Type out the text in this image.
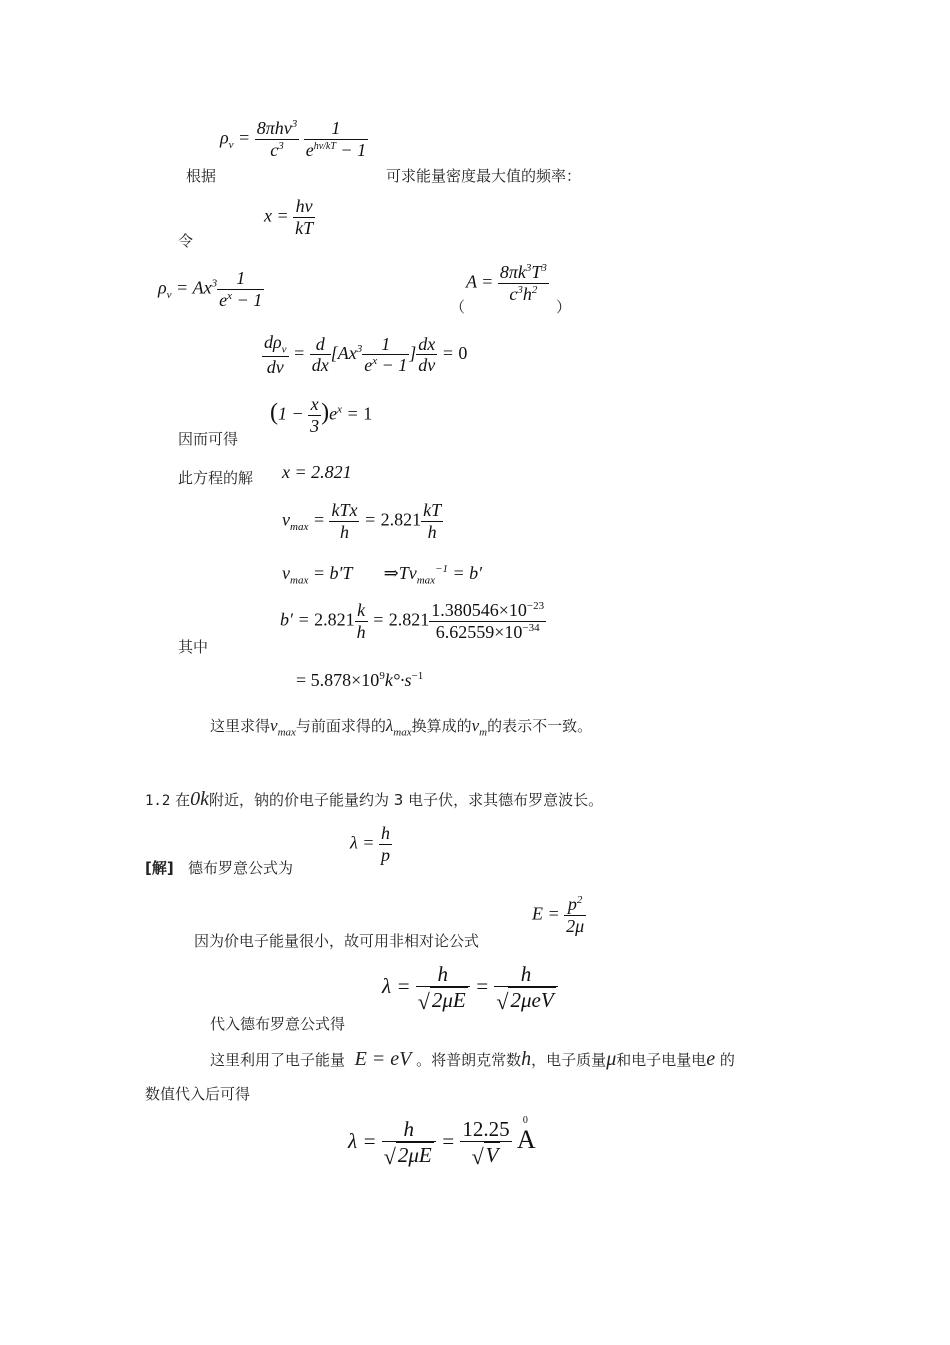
$\rho_\nu = \frac{8\pi h\nu^3}{c^3}$
$\frac{1}{e^{h\nu/kT} - 1}$
根据	可求能量密度最大值的频率：
$x = \frac{h\nu}{kT}$
令
$\rho_\nu = Ax^3 \frac{1}{e^x - 1}$	（
$A = \frac{8\pi k^3T^3}{c^3h^2}$
）
$\frac{d\rho_\nu}{d\nu} = \frac{d}{dx} [Ax^3 \frac{1}{e^x - 1}$ ] $\frac{dx}{d\nu} = 0$
$(1 - \frac{x}{3} )e^x = 1$
因而可得
此方程的解 x = 2.821
$\nu_{max} = \frac{\text{kTx}}{h} = 2.821 \frac{kT}{h}$
$\nu_{max} = b'T$       $\Rightarrow T\nu_{max}^{-1} = b'$
$b' = 2.821 \frac{k}{h} = 2.821 \frac{1.380546\times 10^{-23}}{6.62559\times 10^{-34}}$
其中
= $5.878\times 10^9k^\circ\cdot s^{-1}$
这里求得$\nu_{max}$与前面求得的$\lambda_{max}$换算成的$\nu_m$的表示不一致。
1.2 在0k附近，钠的价电子能量约为 3 电子伏，求其德布罗意波长。
$\lambda = \frac{h}{p}$
[解] 德布罗意公式为
$E = \frac{p^2}{2\mu}$
因为价电子能量很小，故可用非相对论公式
$\lambda = \frac{h}{√2\mu E} = \frac{h}{\text{√2μeV}}$
代入德布罗意公式得
这里利用了电子能量 E = eV 。将普朗克常数h，电子质量μ和电子电量电e 的
数值代入后可得
$\lambda = \frac{h}{√2\mu E} = \frac{12.25}{√V}$ A
0
